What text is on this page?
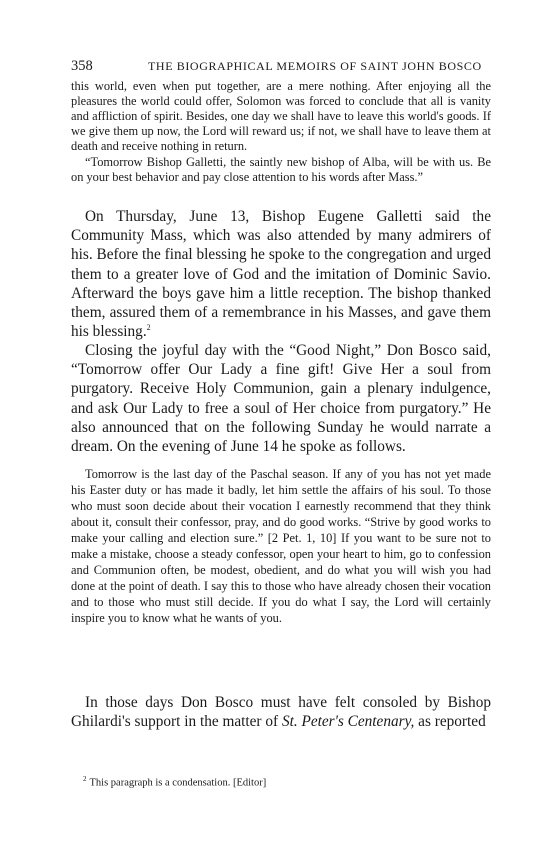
358	THE BIOGRAPHICAL MEMOIRS OF SAINT JOHN BOSCO

this world, even when put together, are a mere nothing. After enjoying all the pleasures the world could offer, Solomon was forced to conclude that all is vanity and affliction of spirit. Besides, one day we shall have to leave this world's goods. If we give them up now, the Lord will reward us; if not, we shall have to leave them at death and receive nothing in return.

“Tomorrow Bishop Galletti, the saintly new bishop of Alba, will be with us. Be on your best behavior and pay close attention to his words after Mass.”

On Thursday, June 13, Bishop Eugene Galletti said the Community Mass, which was also attended by many admirers of his. Before the final blessing he spoke to the congregation and urged them to a greater love of God and the imitation of Dominic Savio. Afterward the boys gave him a little reception. The bishop thanked them, assured them of a remembrance in his Masses, and gave them his blessing.$^2$

Closing the joyful day with the “Good Night,” Don Bosco said, “Tomorrow offer Our Lady a fine gift! Give Her a soul from purgatory. Receive Holy Communion, gain a plenary indulgence, and ask Our Lady to free a soul of Her choice from purgatory.” He also announced that on the following Sunday he would narrate a dream. On the evening of June 14 he spoke as follows.

Tomorrow is the last day of the Paschal season. If any of you has not yet made his Easter duty or has made it badly, let him settle the affairs of his soul. To those who must soon decide about their vocation I earnestly recommend that they think about it, consult their confessor, pray, and do good works. “Strive by good works to make your calling and election sure.” [2 Pet. 1, 10] If you want to be sure not to make a mistake, choose a steady confessor, open your heart to him, go to confession and Communion often, be modest, obedient, and do what you will wish you had done at the point of death. I say this to those who have already chosen their vocation and to those who must still decide. If you do what I say, the Lord will certainly inspire you to know what he wants of you.

In those days Don Bosco must have felt consoled by Bishop Ghilardi's support in the matter of St. Peter's Centenary, as reported

$^2$ This paragraph is a condensation. [Editor]
